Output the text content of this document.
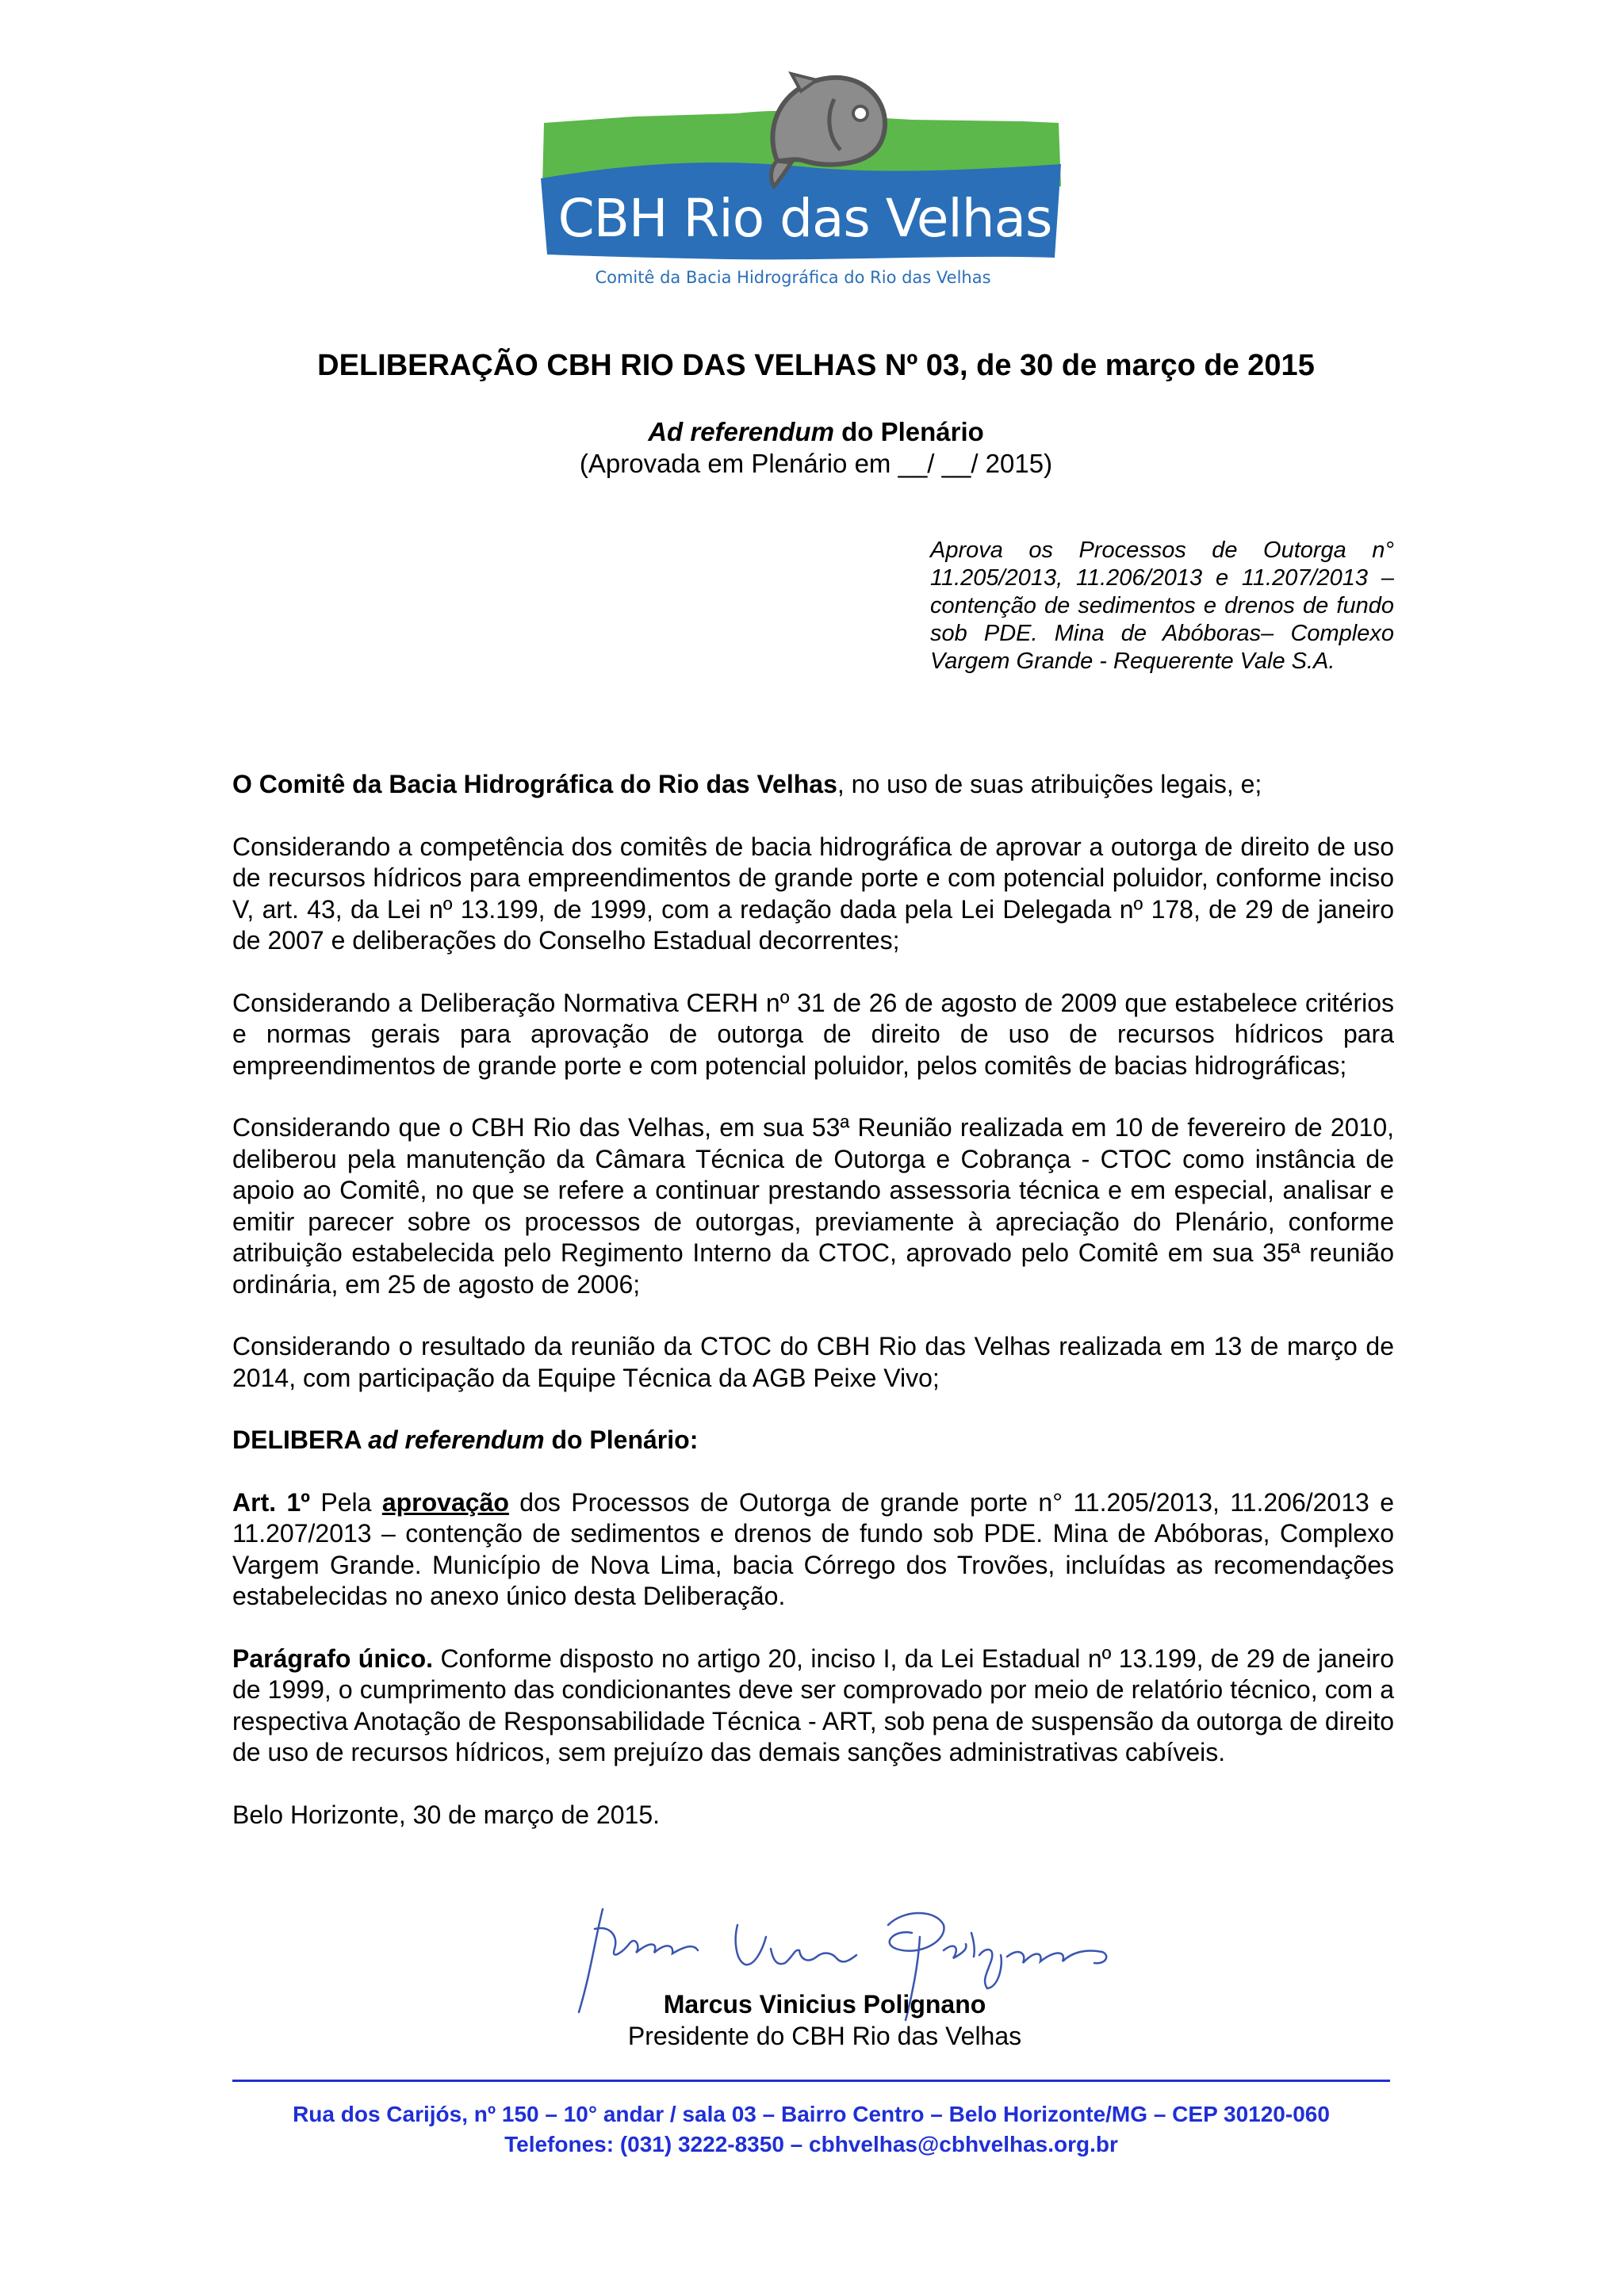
CBH Rio das Velhas
Comitê da Bacia Hidrográfica do Rio das Velhas
DELIBERAÇÃO CBH RIO DAS VELHAS Nº 03, de 30 de março de 2015
Ad referendum do Plenário
(Aprovada em Plenário em __/ __/ 2015)
Aprova os Processos de Outorga n° 11.205/2013, 11.206/2013 e 11.207/2013 – contenção de sedimentos e drenos de fundo sob PDE. Mina de Abóboras– Complexo Vargem Grande - Requerente Vale S.A.

O Comitê da Bacia Hidrográfica do Rio das Velhas, no uso de suas atribuições legais, e;

Considerando a competência dos comitês de bacia hidrográfica de aprovar a outorga de direito de uso de recursos hídricos para empreendimentos de grande porte e com potencial poluidor, conforme inciso V, art. 43, da Lei nº 13.199, de 1999, com a redação dada pela Lei Delegada nº 178, de 29 de janeiro de 2007 e deliberações do Conselho Estadual decorrentes;

Considerando a Deliberação Normativa CERH nº 31 de 26 de agosto de 2009 que estabelece critérios e normas gerais para aprovação de outorga de direito de uso de recursos hídricos para empreendimentos de grande porte e com potencial poluidor, pelos comitês de bacias hidrográficas;

Considerando que o CBH Rio das Velhas, em sua 53ª Reunião realizada em 10 de fevereiro de 2010, deliberou pela manutenção da Câmara Técnica de Outorga e Cobrança - CTOC como instância de apoio ao Comitê, no que se refere a continuar prestando assessoria técnica e em especial, analisar e emitir parecer sobre os processos de outorgas, previamente à apreciação do Plenário, conforme atribuição estabelecida pelo Regimento Interno da CTOC, aprovado pelo Comitê em sua 35ª reunião ordinária, em 25 de agosto de 2006;

Considerando o resultado da reunião da CTOC do CBH Rio das Velhas realizada em 13 de março de 2014, com participação da Equipe Técnica da AGB Peixe Vivo;

DELIBERA ad referendum do Plenário:

Art. 1º Pela aprovação dos Processos de Outorga de grande porte n° 11.205/2013, 11.206/2013 e 11.207/2013 – contenção de sedimentos e drenos de fundo sob PDE. Mina de Abóboras, Complexo Vargem Grande. Município de Nova Lima, bacia Córrego dos Trovões, incluídas as recomendações estabelecidas no anexo único desta Deliberação.

Parágrafo único. Conforme disposto no artigo 20, inciso I, da Lei Estadual nº 13.199, de 29 de janeiro de 1999, o cumprimento das condicionantes deve ser comprovado por meio de relatório técnico, com a respectiva Anotação de Responsabilidade Técnica - ART, sob pena de suspensão da outorga de direito de uso de recursos hídricos, sem prejuízo das demais sanções administrativas cabíveis.

Belo Horizonte, 30 de março de 2015.

Marcus Vinicius Polignano
Presidente do CBH Rio das Velhas
Rua dos Carijós, nº 150 – 10° andar / sala 03 – Bairro Centro – Belo Horizonte/MG – CEP 30120-060
Telefones: (031) 3222-8350 – cbhvelhas@cbhvelhas.org.br
